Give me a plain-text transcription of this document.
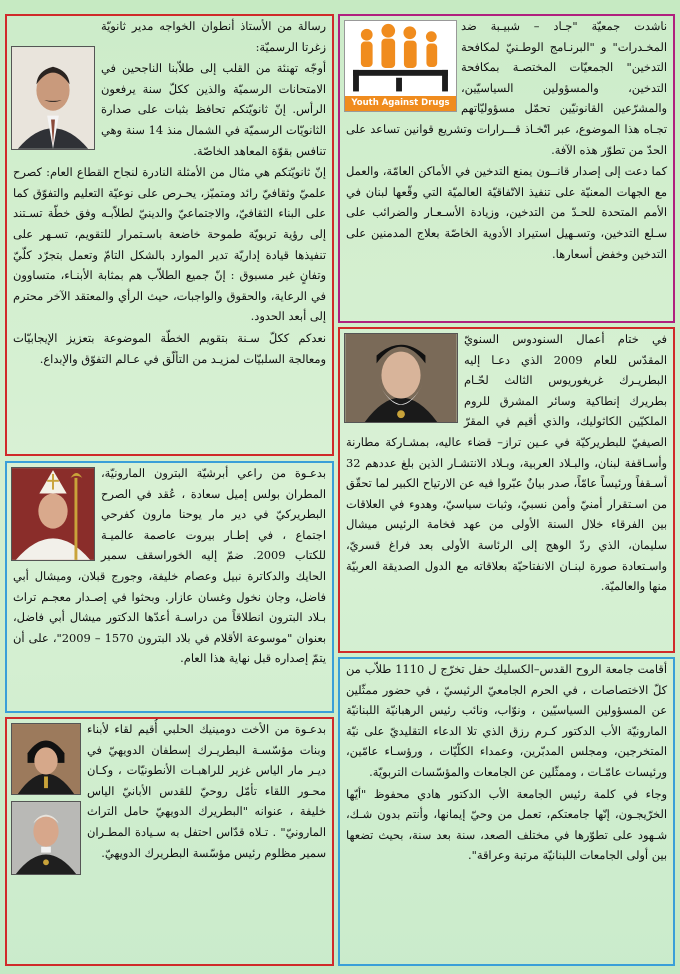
Youth Against Drugs

ناشدت جمعيّة "جـاد – شبيـبة ضد المخـدرات" و "البرنـامج الوطـنيّ لمكافحة التدخين" الجمعيّات المختصـة بمكافحة التدخين، والمسؤولين السياسيّين، والمشرّعين القانونيّين تحمّل مسؤوليّاتهم تجـاه هذا الموضوع، عبر اتّخـاذ قـــرارات وتشريع قوانين تساعد على الحدّ من تطوّر هذه الآفة.

كما دعت إلى إصدار قانــون يمنع التدخين في الأماكن العامّة، والعمل مع الجهات المعنيّة على تنفيذ الاتّفاقيّة العالميّة التي وقّعها لبنان في الأمم المتحدة للحـدّ من التدخين، وزيادة الأسـعـار والضرائب على سـلع التدخين، وتسـهيل استيراد الأدوية الخاصّة بعلاج المدمنين على التدخين وخفض أسعارها.

في ختام أعمال السنودوس السنويّ المقدّس للعام 2009 الذي دعـا إليه البطريـرك غريغوريوس الثالث لحّـام بطريرك إنطاكية وسائر المشرق للروم الملكيّين الكاثوليك، والذي أقيم في المقرّ الصيفيّ للبطريركيّة في عـين تراز– قضاء عاليه، بمشـاركة مطارنة وأسـاقفة لبنان، والبـلاد العربية، وبـلاد الانتشـار الذين بلغ عددهم 32 أسـقفاً ورئيساً عامّاً، صدر بيانٌ عبّروا فيه عن الارتياح الكبير لما تحقّق من اسـتقرار أمنيّ وأمن نسبيّ، وثبات سياسيّ، وهدوء في العلاقات بين الفرقاء خلال السنة الأولى من عهد فخامة الرئيس ميشال سليمان، الذي ردّ الوهج إلى الرئاسة الأولى بعد فراغ قسريّ، واسـتعادة صورة لبنـان الانفتاحيّة بعلاقاته مع الدول الصديقة العربيّة منها والعالميّة.

أقامت جامعة الروح القدس–الكسليك حفل تخرّج ل 1110 طلاّب من كلّ الاختصاصات ، في الحرم الجامعيّ الرئيسيّ ، في حضور ممثّلين عن المسؤولين السياسيّين ، ونوّاب، ونائب رئيس الرهبانيّة اللبنانيّة المارونيّة الأب الدكتور كـرم رزق الذي تلا الدعاء التقليديّ على نيّة المتخرجين، ومجلس المدبّرين، وعمداء الكلّيّات ، ورؤسـاء عامّين، ورئيسات عامّـات ، وممثّلين عن الجامعات والمؤسّسات التربويّة.

وجاء في كلمة رئيس الجامعة الأب الدكتور هادي محفوظ "أيّها الخرّيجـون، إنّها جامعتكم، تعمل من وحيّ إيمانها، وأنتم بدون شـك، شـهود على تطوّرها في مختلف الصعد، سنة بعد سنة، بحيث تضعها بين أولى الجامعات اللبنانيّة مرتبة وعراقة".

رسالة من الأستاذ أنطوان الخواجه مدير ثانويّة زغرتا الرسميّة:

أوجّه تهنئة من القلب إلى طلاّبنا الناجحين في الامتحانات الرسميّة والذين ككلّ سنة يرفعون الرأس. إنّ ثانويّتكم تحافظ بثبات على صدارة الثانويّات الرسميّة في الشمال منذ 14 سنة وهي تنافس بقوّة المعاهد الخاصّة.

إنّ ثانويّتكم هي مثال من الأمثلة النادرة لنجاح القطاع العام: كصرح علميّ وثقافيّ رائد ومتميّز، يحـرص على نوعيّة التعليم والتفوّق كما على البناء الثقافيّ، والاجتماعيّ والدينيّ لطلاّبـه وفق خطّة تسـتند إلى رؤية تربويّة طموحة خاضعة باسـتمرار للتقويم، تسـهر على تنفيذها قيادة إداريّة تدير الموارد بالشكل التامّ وتعمل بتجرّد كلّيّ وتفانٍ غير مسبوق : إنّ جميع الطلاّب هم بمثابة الأبنـاء، متساوون في الرعاية، والحقوق والواجبات، حيث الرأي والمعتقد الآخر محترم إلى أبعد الحدود.

نعدكم ككلّ سـنة بتقويم الخطّة الموضوعة بتعزيز الإيجابيّات ومعالجة السلبيّات لمزيـد من التألّق في عـالم التفوّق والإبداع.

بدعـوة من راعي أبرشيّة البترون المارونيّة، المطران بولس إميل سعادة ، عُقد في الصرح البطريركيّ في دير مار يوحنا مارون كفرحي اجتماع ، في إطـار بيروت عاصمة عالميـة للكتاب 2009. ضمّ إليه الخوراسقف سمير الحايك والدكاترة نبيل وعصام خليفة، وجورج قبلان، وميشال أبي فاضل، وجان نخول وغسان عازار. وبحثوا في إصـدار معجـم تراث بـلاد البترون انطلاقاً من دراسـة أعدّها الدكتور ميشال أبي فاضل، بعنوان "موسوعة الأقلام في بلاد البترون 1570 – 2009"، على أن يتمّ إصداره قبل نهاية هذا العام.

بدعـوة من الأخت دومينيك الحلبي أُقيم لقاء لأبناء وبنات مؤسّسـة البطريـرك إسطفان الدويهيّ في ديـر مار الياس غزير للراهبـات الأنطونيّات ، وكـان محـور اللقاء تأمّل روحيّ للقدس الأبانيّ الياس خليفة ، عنوانه "البطريرك الدويهيّ حامل التراث المارونيّ" . تـلاه قدّاس احتفل به سـيادة المطـران سمير مظلوم رئيس مؤسّسة البطريرك الدويهيّ.
